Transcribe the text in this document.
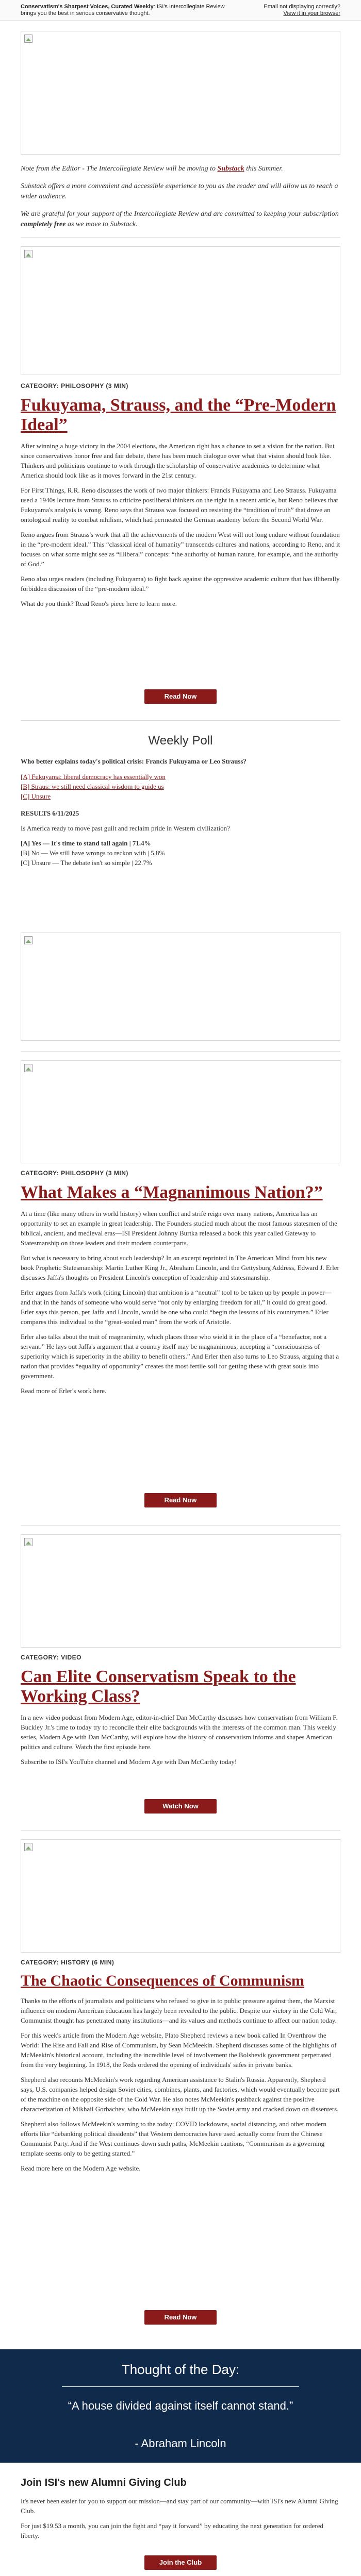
Conservatism's Sharpest Voices, Curated Weekly: ISI's Intercollegiate Review brings you the best in serious conservative thought.
Email not displaying correctly?
View it in your browser

Note from the Editor - The Intercollegiate Review will be moving to Substack this Summer.

Substack offers a more convenient and accessible experience to you as the reader and will allow us to reach a wider audience.

We are grateful for your support of the Intercollegiate Review and are committed to keeping your subscription completely free as we move to Substack.

CATEGORY: PHILOSOPHY (3 MIN)

Fukuyama, Strauss, and the “Pre-Modern Ideal”

After winning a huge victory in the 2004 elections, the American right has a chance to set a vision for the nation. But since conservatives honor free and fair debate, there has been much dialogue over what that vision should look like. Thinkers and politicians continue to work through the scholarship of conservative academics to determine what America should look like as it moves forward in the 21st century.

For First Things, R.R. Reno discusses the work of two major thinkers: Francis Fukuyama and Leo Strauss. Fukuyama used a 1940s lecture from Strauss to criticize postliberal thinkers on the right in a recent article, but Reno believes that Fukuyama's analysis is wrong. Reno says that Strauss was focused on resisting the “tradition of truth” that drove an ontological reality to combat nihilism, which had permeated the German academy before the Second World War.

Reno argues from Strauss's work that all the achievements of the modern West will not long endure without foundation in the “pre-modern ideal.” This “classical ideal of humanity” transcends cultures and nations, according to Reno, and it focuses on what some might see as “illiberal” concepts: “the authority of human nature, for example, and the authority of God.”

Reno also urges readers (including Fukuyama) to fight back against the oppressive academic culture that has illiberally forbidden discussion of the “pre-modern ideal.”

What do you think? Read Reno's piece here to learn more.

Read Now

Weekly Poll

Who better explains today's political crisis: Francis Fukuyama or Leo Strauss?

[A] Fukuyama: liberal democracy has essentially won
[B] Straus: we still need classical wisdom to guide us
[C] Unsure

RESULTS 6/11/2025

Is America ready to move past guilt and reclaim pride in Western civilization?

[A] Yes — It's time to stand tall again | 71.4%
[B] No — We still have wrongs to reckon with | 5.8%
[C] Unsure — The debate isn't so simple | 22.7%

CATEGORY: PHILOSOPHY (3 MIN)

What Makes a “Magnanimous Nation?”

At a time (like many others in world history) when conflict and strife reign over many nations, America has an opportunity to set an example in great leadership. The Founders studied much about the most famous statesmen of the biblical, ancient, and medieval eras—ISI President Johnny Burtka released a book this year called Gateway to Statesmanship on those leaders and their modern counterparts.

But what is necessary to bring about such leadership? In an excerpt reprinted in The American Mind from his new book Prophetic Statesmanship: Martin Luther King Jr., Abraham Lincoln, and the Gettysburg Address, Edward J. Erler discusses Jaffa's thoughts on President Lincoln's conception of leadership and statesmanship.

Erler argues from Jaffa's work (citing Lincoln) that ambition is a “neutral” tool to be taken up by people in power—and that in the hands of someone who would serve “not only by enlarging freedom for all,” it could do great good. Erler says this person, per Jaffa and Lincoln, would be one who could “begin the lessons of his countrymen.” Erler compares this individual to the “great-souled man” from the work of Aristotle.

Erler also talks about the trait of magnanimity, which places those who wield it in the place of a “benefactor, not a servant.” He lays out Jaffa's argument that a country itself may be magnanimous, accepting a “consciousness of superiority which is superiority in the ability to benefit others.” And Erler then also turns to Leo Strauss, arguing that a nation that provides “equality of opportunity” creates the most fertile soil for getting these with great souls into government.

Read more of Erler's work here.

Read Now

CATEGORY: VIDEO

Can Elite Conservatism Speak to the Working Class?

In a new video podcast from Modern Age, editor-in-chief Dan McCarthy discusses how conservatism from William F. Buckley Jr.'s time to today try to reconcile their elite backgrounds with the interests of the common man. This weekly series, Modern Age with Dan McCarthy, will explore how the history of conservatism informs and shapes American politics and culture. Watch the first episode here.

Subscribe to ISI's YouTube channel and Modern Age with Dan McCarthy today!

Watch Now

CATEGORY: HISTORY (6 MIN)

The Chaotic Consequences of Communism

Thanks to the efforts of journalists and politicians who refused to give in to public pressure against them, the Marxist influence on modern American education has largely been revealed to the public. Despite our victory in the Cold War, Communist thought has penetrated many institutions—and its values and methods continue to affect our nation today.

For this week's article from the Modern Age website, Plato Shepherd reviews a new book called In Overthrow the World: The Rise and Fall and Rise of Communism, by Sean McMeekin. Shepherd discusses some of the highlights of McMeekin's historical account, including the incredible level of involvement the Bolshevik government perpetrated from the very beginning. In 1918, the Reds ordered the opening of individuals' safes in private banks.

Shepherd also recounts McMeekin's work regarding American assistance to Stalin's Russia. Apparently, Shepherd says, U.S. companies helped design Soviet cities, combines, plants, and factories, which would eventually become part of the machine on the opposite side of the Cold War. He also notes McMeekin's pushback against the positive characterization of Mikhail Gorbachev, who McMeekin says built up the Soviet army and cracked down on dissenters.

Shepherd also follows McMeekin's warning to the today: COVID lockdowns, social distancing, and other modern efforts like “debanking political dissidents” that Western democracies have used actually come from the Chinese Communist Party. And if the West continues down such paths, McMeekin cautions, “Communism as a governing template seems only to be getting started.”

Read more here on the Modern Age website.

Read Now
Thought of the Day:
“A house divided against itself cannot stand.”
- Abraham Lincoln

Join ISI's new Alumni Giving Club

It's never been easier for you to support our mission—and stay part of our community—with ISI's new Alumni Giving Club.

For just $19.53 a month, you can join the fight and “pay it forward” by educating the next generation for ordered liberty.

Join the Club
